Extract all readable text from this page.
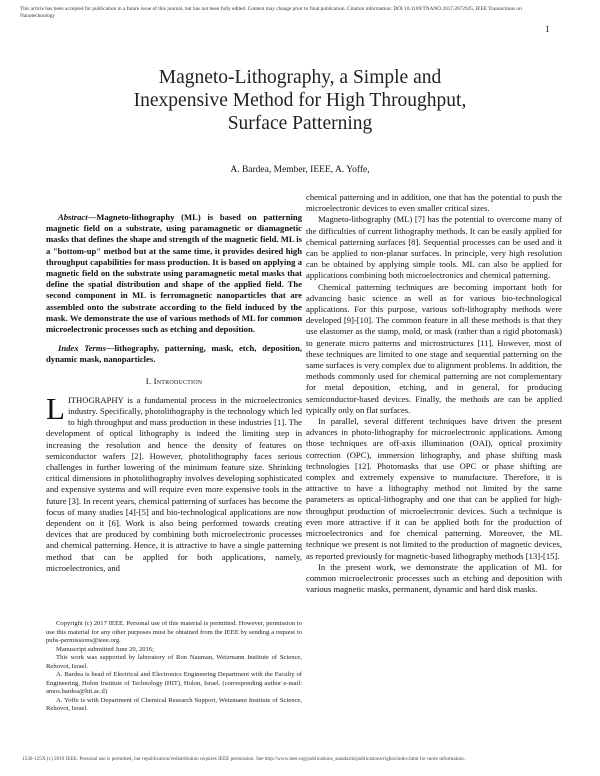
This article has been accepted for publication in a future issue of this journal, but has not been fully edited. Content may change prior to final publication. Citation information: DOI 10.1109/TNANO.2017.2672925, IEEE Transactions on Nanotechnology
1
Magneto-Lithography, a Simple and
Inexpensive Method for High Throughput,
Surface Patterning
A. Bardea, Member, IEEE, A. Yoffe,

Abstract—Magneto-lithography (ML) is based on patterning magnetic field on a substrate, using paramagnetic or diamagnetic masks that defines the shape and strength of the magnetic field. ML is a "bottom-up" method but at the same time, it provides desired high throughput capabilities for mass production. It is based on applying a magnetic field on the substrate using paramagnetic metal masks that define the spatial distribution and shape of the applied field. The second component in ML is ferromagnetic nanoparticles that are assembled onto the substrate according to the field induced by the mask. We demonstrate the use of various methods of ML for common microelectronic processes such as etching and deposition.

Index Terms—lithography, patterning, mask, etch, deposition, dynamic mask, nanoparticles.

I. Introduction

LITHOGRAPHY is a fundamental process in the microelectronics industry. Specifically, photolithography is the technology which led to high throughput and mass production in these industries [1]. The development of optical lithography is indeed the limiting step in increasing the resolution and hence the density of features on semiconductor wafers [2]. However, photolithography faces serious challenges in further lowering of the minimum feature size. Shrinking critical dimensions in photolithography involves developing sophisticated and expensive systems and will require even more expensive tools in the future [3]. In recent years, chemical patterning of surfaces has become the focus of many studies [4]-[5] and bio-technological applications are now dependent on it [6]. Work is also being performed towards creating devices that are produced by combining both microelectronic processes and chemical patterning. Hence, it is attractive to have a single patterning method that can be applied for both applications, namely, microelectronics, and

Copyright (c) 2017 IEEE. Personal use of this material is permitted. However, permission to use this material for any other purposes must be obtained from the IEEE by sending a request to pubs-permissions@ieee.org.

Manuscript submitted June 20, 2016;

This work was supported by laboratory of Ron Nauman, Weizmann Institute of Science, Rehovot, Israel.

A. Bardea is head of Electrical and Electronics Engineering Department with the Faculty of Engineering, Holon Institute of Technology (HIT), Holon, Israel. (corresponding author e-mail: amos.bardea@hit.ac.il)

A. Yoffe is with Department of Chemical Research Support, Weizmann Institute of Science, Rehovot, Israel.

chemical patterning and in addition, one that has the potential to push the microelectronic devices to even smaller critical sizes.

Magneto-lithography (ML) [7] has the potential to overcome many of the difficulties of current lithography methods. It can be easily applied for chemical patterning surfaces [8]. Sequential processes can be used and it can be applied to non-planar surfaces. In principle, very high resolution can be obtained by applying simple tools. ML can also be applied for applications combining both microelectronics and chemical patterning.

Chemical patterning techniques are becoming important both for advancing basic science as well as for various bio-technological applications. For this purpose, various soft-lithography methods were developed [9]-[10]. The common feature in all these methods is that they use elastomer as the stamp, mold, or mask (rather than a rigid photomask) to generate micro patterns and microstructures [11]. However, most of these techniques are limited to one stage and sequential patterning on the same surfaces is very complex due to alignment problems. In addition, the methods commonly used for chemical patterning are not complementary for metal deposition, etching, and in general, for producing semiconductor-based devices. Finally, the methods are can be applied typically only on flat surfaces.

In parallel, several different techniques have driven the present advances in photo-lithography for microelectronic applications. Among those techniques are off-axis illumination (OAI), optical proximity correction (OPC), immersion lithography, and phase shifting mask technologies [12]. Photomasks that use OPC or phase shifting are complex and extremely expensive to manufacture. Therefore, it is attractive to have a lithography method not limited by the same parameters as optical-lithography and one that can be applied for high-throughput production of microelectronic devices. Such a technique is even more attractive if it can be applied both for the production of microelectronics and for chemical patterning. Moreover, the ML technique we present is not limited to the production of magnetic devices, as reported previously for magnetic-based lithography methods [13]-[15].

In the present work, we demonstrate the application of ML for common microelectronic processes such as etching and deposition with various magnetic masks, permanent, dynamic and hard disk masks.

1536-125X (c) 2016 IEEE. Personal use is permitted, but republication/redistribution requires IEEE permission. See http://www.ieee.org/publications_standards/publications/rights/index.html for more information.
